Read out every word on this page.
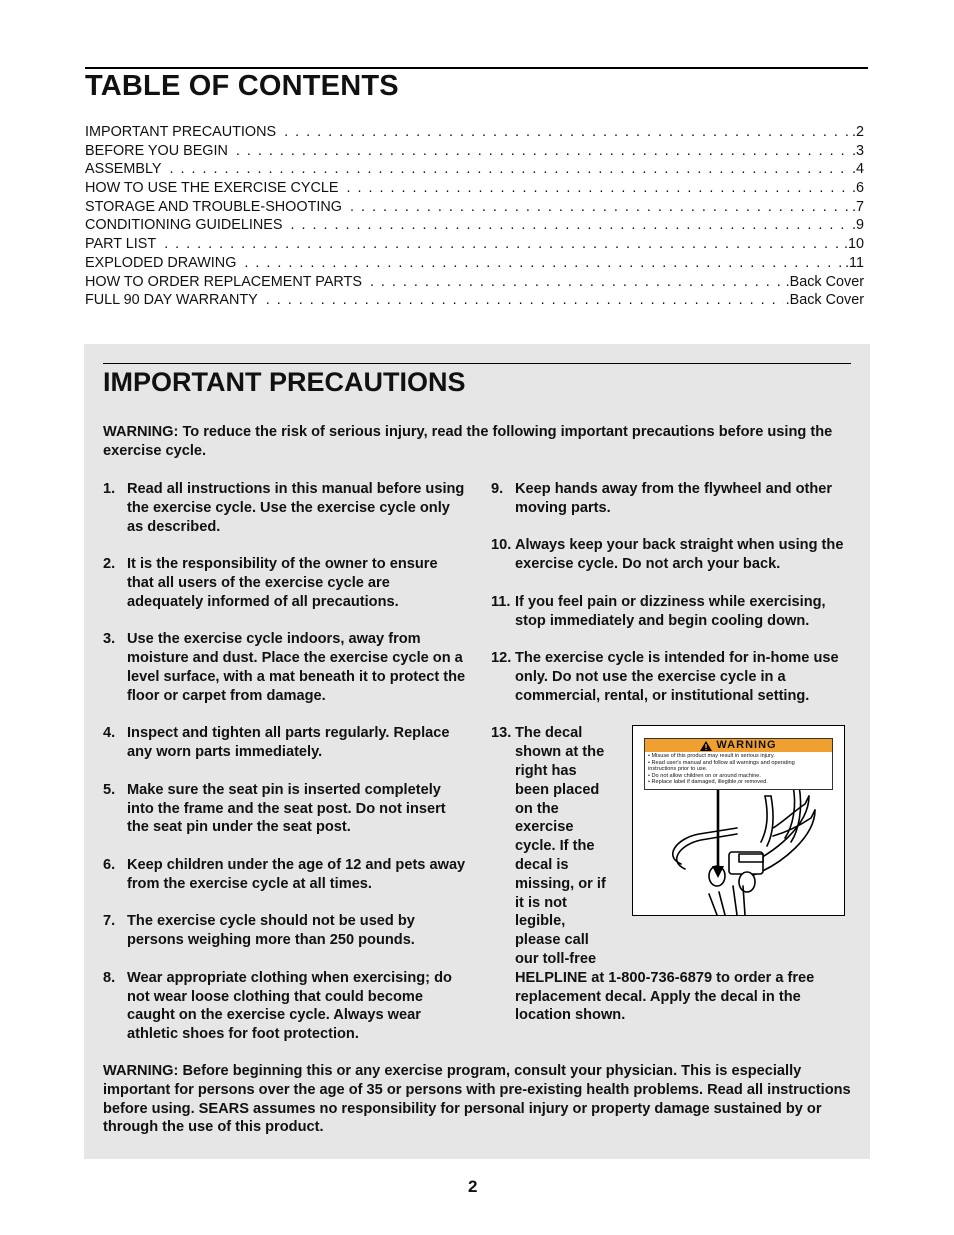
TABLE OF CONTENTS
IMPORTANT PRECAUTIONS . . .	.2
BEFORE YOU BEGIN . . .	.3
ASSEMBLY . . .	.4
HOW TO USE THE EXERCISE CYCLE . . .	.6
STORAGE AND TROUBLE-SHOOTING . . .	.7
CONDITIONING GUIDELINES . . .	.9
PART LIST . . .	.10
EXPLODED DRAWING . . .	.11
HOW TO ORDER REPLACEMENT PARTS . . .	.Back Cover
FULL 90 DAY WARRANTY . . .	.Back Cover
IMPORTANT PRECAUTIONS

WARNING: To reduce the risk of serious injury, read the following important precautions before using the exercise cycle.

1. Read all instructions in this manual before using the exercise cycle. Use the exercise cycle only as described.
2. It is the responsibility of the owner to ensure that all users of the exercise cycle are adequately informed of all precautions.
3. Use the exercise cycle indoors, away from moisture and dust. Place the exercise cycle on a level surface, with a mat beneath it to protect the floor or carpet from damage.
4. Inspect and tighten all parts regularly. Replace any worn parts immediately.
5. Make sure the seat pin is inserted completely into the frame and the seat post. Do not insert the seat pin under the seat post.
6. Keep children under the age of 12 and pets away from the exercise cycle at all times.
7. The exercise cycle should not be used by persons weighing more than 250 pounds.
8. Wear appropriate clothing when exercising; do not wear loose clothing that could become caught on the exercise cycle. Always wear athletic shoes for foot protection.
9. Keep hands away from the flywheel and other moving parts.
10. Always keep your back straight when using the exercise cycle. Do not arch your back.
11. If you feel pain or dizziness while exercising, stop immediately and begin cooling down.
12. The exercise cycle is intended for in-home use only. Do not use the exercise cycle in a commercial, rental, or institutional setting.
13. The decal shown at the right has been placed on the exercise cycle. If the decal is missing, or if it is not legible, please call our toll-free
HELPLINE at 1-800-736-6879 to order a free replacement decal. Apply the decal in the location shown.
WARNING
• Misuse of this product may result in serious injury.
• Read user's manual and follow all warnings and operating
instructions prior to use.
• Do not allow children on or around machine.
• Replace label if damaged, illegible,or removed.

WARNING: Before beginning this or any exercise program, consult your physician. This is especially important for persons over the age of 35 or persons with pre-existing health problems. Read all instructions before using. SEARS assumes no responsibility for personal injury or property damage sustained by or through the use of this product.

2
